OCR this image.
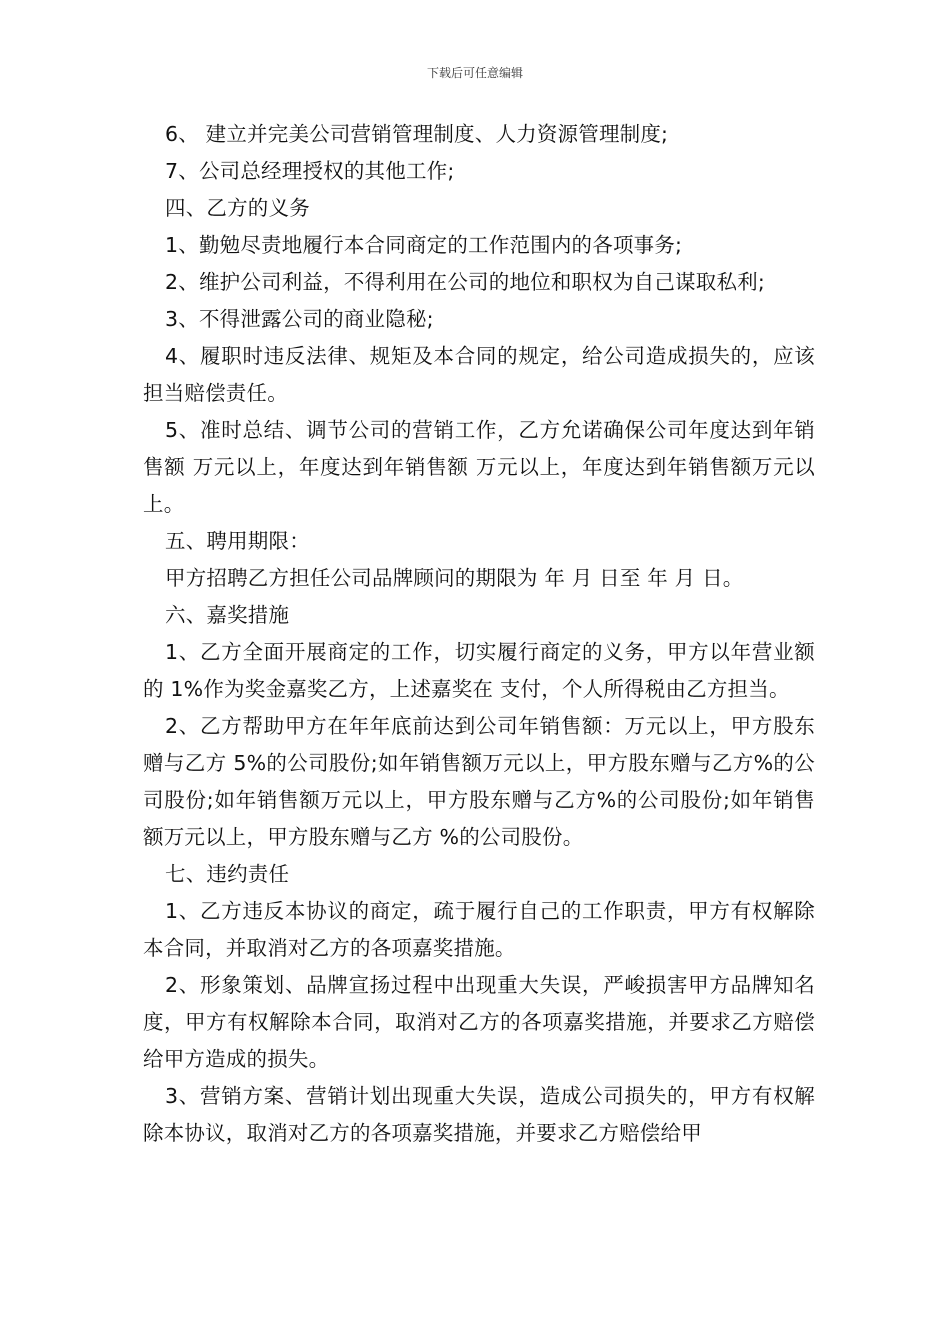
下载后可任意编辑

6、 建立并完美公司营销管理制度、人力资源管理制度;

7、公司总经理授权的其他工作;

四、乙方的义务

1、勤勉尽责地履行本合同商定的工作范围内的各项事务;

2、维护公司利益，不得利用在公司的地位和职权为自己谋取私利;

3、不得泄露公司的商业隐秘;

4、履职时违反法律、规矩及本合同的规定，给公司造成损失的，应该担当赔偿责任。

5、准时总结、调节公司的营销工作，乙方允诺确保公司年度达到年销售额 万元以上，年度达到年销售额 万元以上，年度达到年销售额万元以上。

五、聘用期限：

甲方招聘乙方担任公司品牌顾问的期限为 年 月 日至 年 月 日。

六、嘉奖措施

1、乙方全面开展商定的工作，切实履行商定的义务，甲方以年营业额的 1%作为奖金嘉奖乙方，上述嘉奖在 支付，个人所得税由乙方担当。

2、乙方帮助甲方在年年底前达到公司年销售额：万元以上，甲方股东赠与乙方 5%的公司股份;如年销售额万元以上，甲方股东赠与乙方%的公司股份;如年销售额万元以上，甲方股东赠与乙方%的公司股份;如年销售额万元以上，甲方股东赠与乙方 %的公司股份。

七、违约责任

1、乙方违反本协议的商定，疏于履行自己的工作职责，甲方有权解除本合同，并取消对乙方的各项嘉奖措施。

2、形象策划、品牌宣扬过程中出现重大失误，严峻损害甲方品牌知名度，甲方有权解除本合同，取消对乙方的各项嘉奖措施，并要求乙方赔偿给甲方造成的损失。

3、营销方案、营销计划出现重大失误，造成公司损失的，甲方有权解除本协议，取消对乙方的各项嘉奖措施，并要求乙方赔偿给甲
